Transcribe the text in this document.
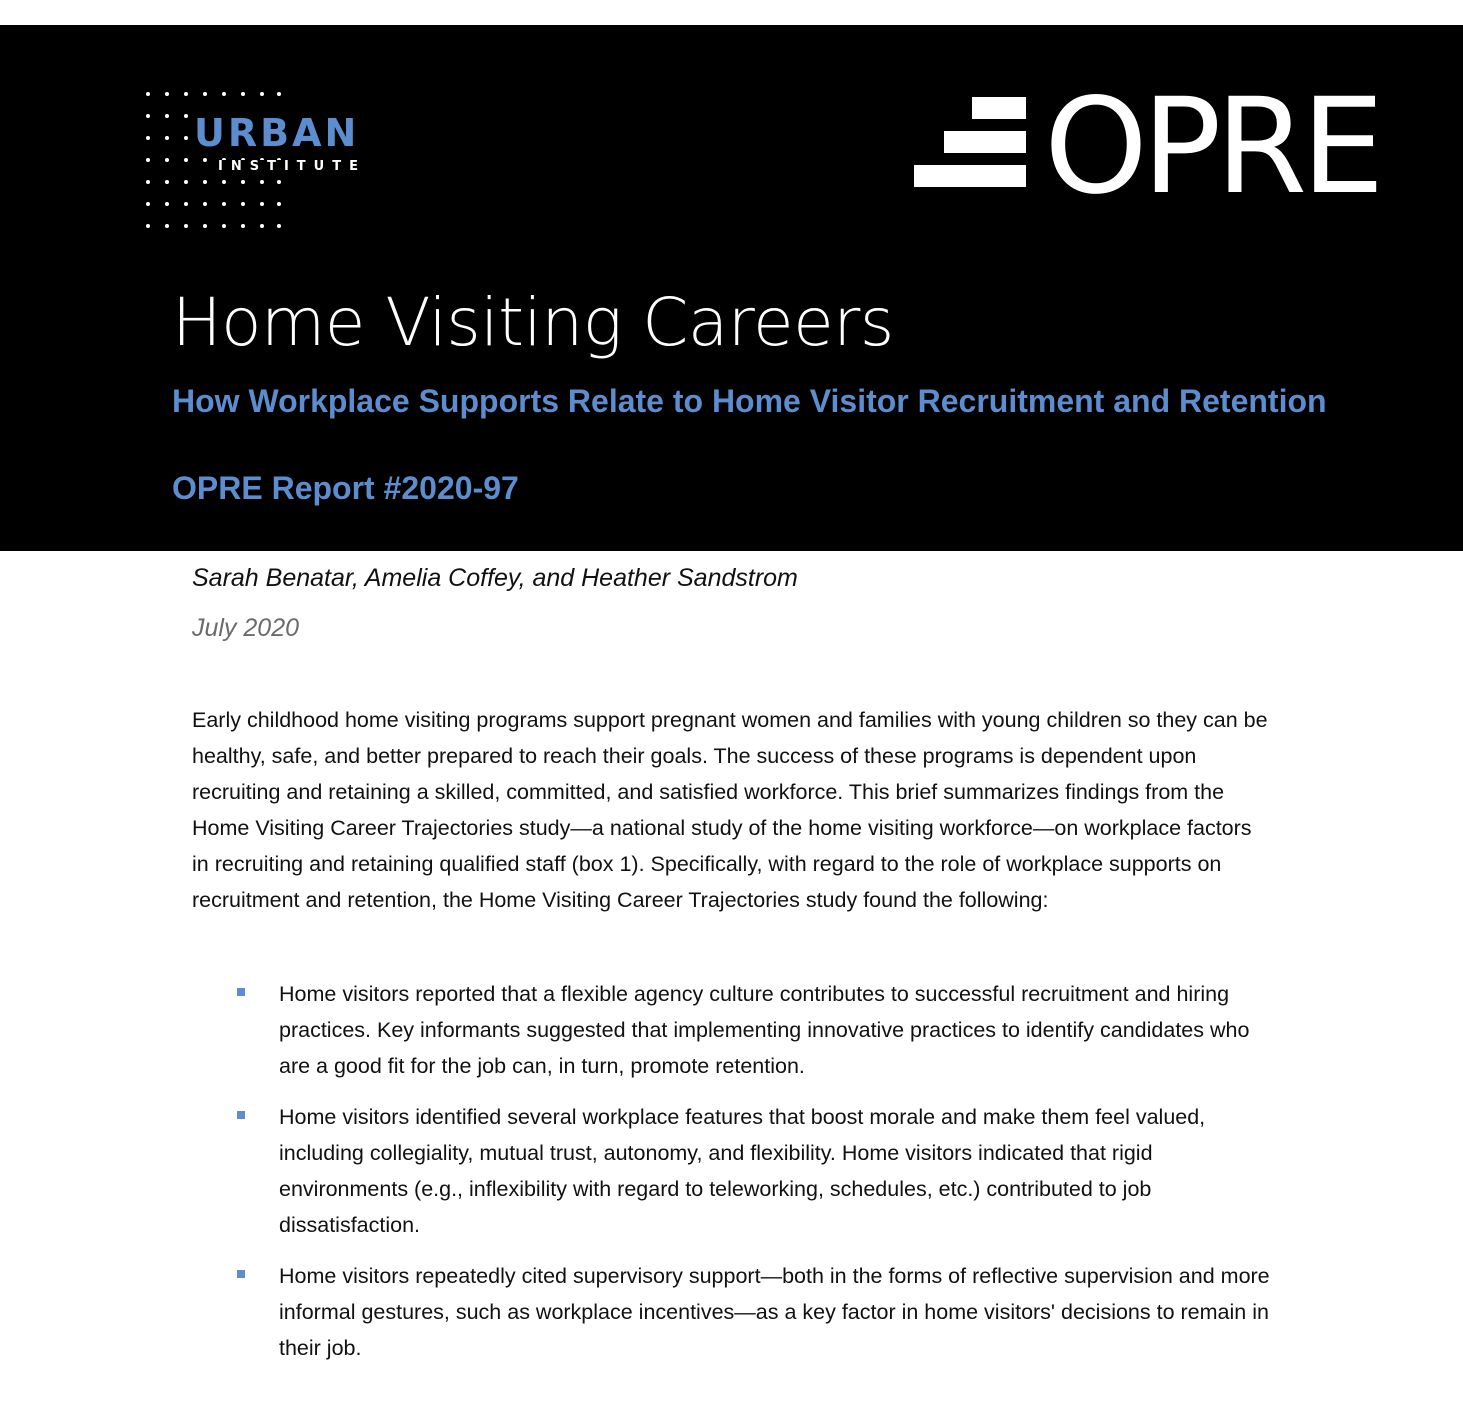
URBAN
INSTITUTE	OPRE
Home Visiting Careers
How Workplace Supports Relate to Home Visitor Recruitment and Retention
OPRE Report #2020-97
Sarah Benatar, Amelia Coffey, and Heather Sandstrom
July 2020

Early childhood home visiting programs support pregnant women and families with young children so they can be healthy, safe, and better prepared to reach their goals. The success of these programs is dependent upon recruiting and retaining a skilled, committed, and satisfied workforce. This brief summarizes findings from the Home Visiting Career Trajectories study—a national study of the home visiting workforce—on workplace factors in recruiting and retaining qualified staff (box 1). Specifically, with regard to the role of workplace supports on recruitment and retention, the Home Visiting Career Trajectories study found the following:

Home visitors reported that a flexible agency culture contributes to successful recruitment and hiring practices. Key informants suggested that implementing innovative practices to identify candidates who are a good fit for the job can, in turn, promote retention.
Home visitors identified several workplace features that boost morale and make them feel valued, including collegiality, mutual trust, autonomy, and flexibility. Home visitors indicated that rigid environments (e.g., inflexibility with regard to teleworking, schedules, etc.) contributed to job dissatisfaction.
Home visitors repeatedly cited supervisory support—both in the forms of reflective supervision and more informal gestures, such as workplace incentives—as a key factor in home visitors' decisions to remain in their job.
